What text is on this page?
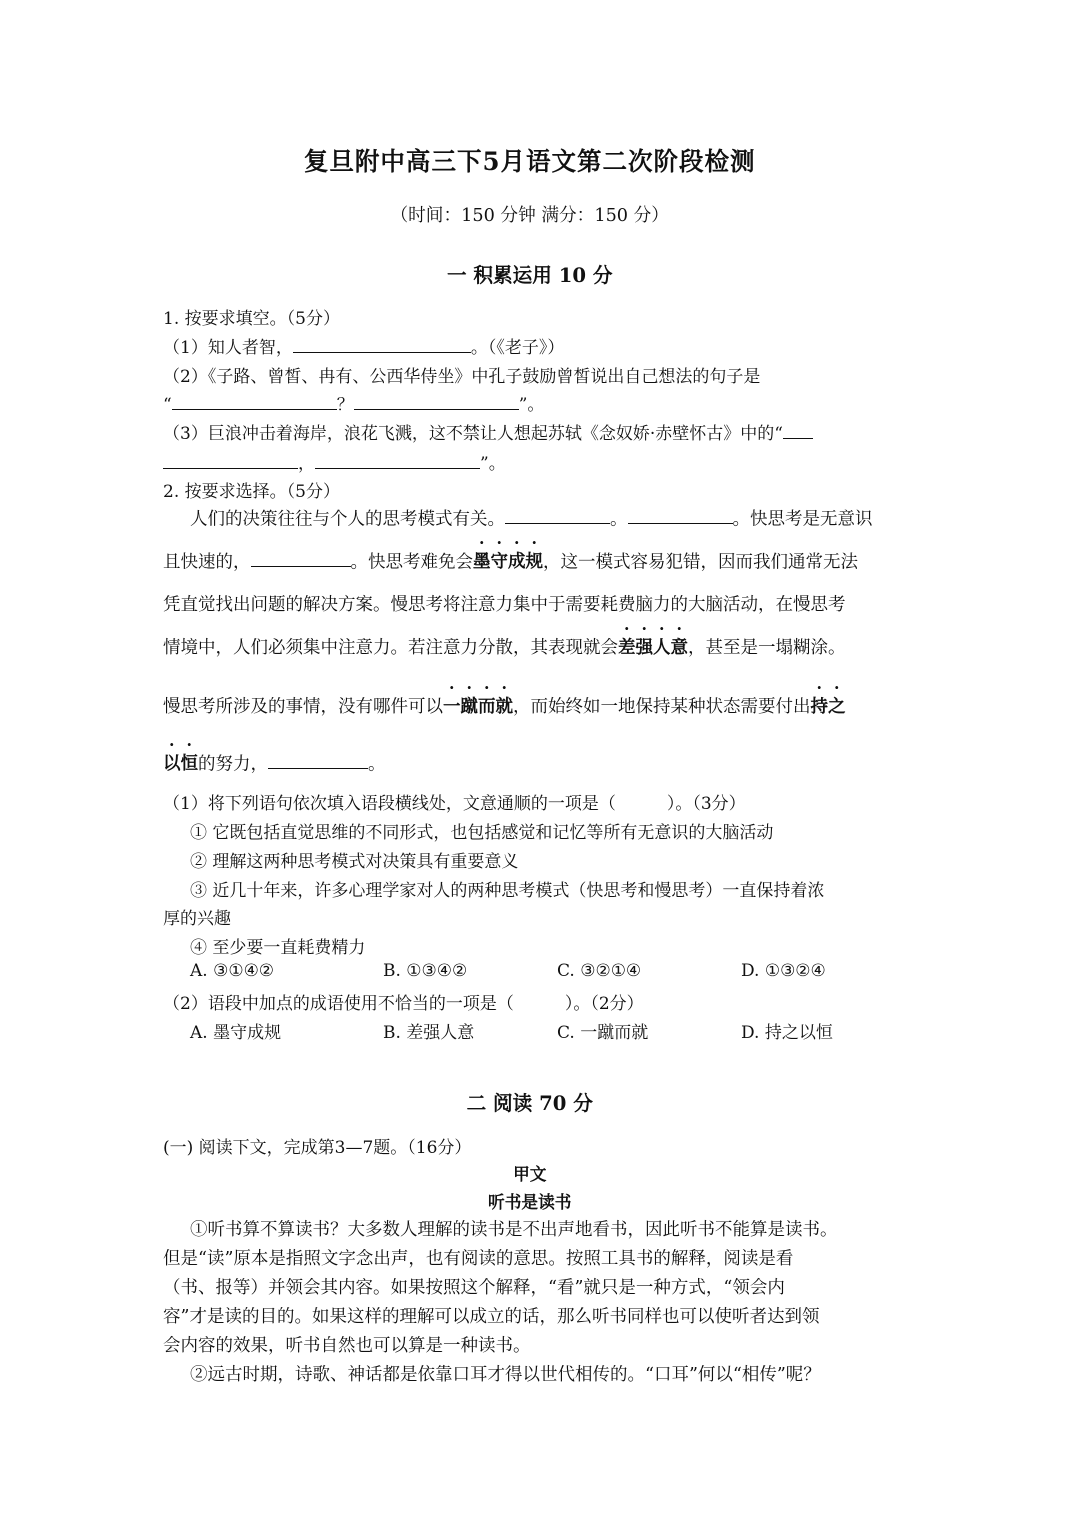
复旦附中高三下5月语文第二次阶段检测
（时间：150 分钟 满分：150 分）
一 积累运用 10 分
1. 按要求填空。（5分）
（1）知人者智，	。（《老子》）
（2）《子路、曾皙、冉有、公西华侍坐》中孔子鼓励曾皙说出自己想法的句子是
“	？	”。
（3）巨浪冲击着海岸，浪花飞溅，这不禁让人想起苏轼《念奴娇·赤壁怀古》中的“
，	”。
2. 按要求选择。（5分）
人们的决策往往与个人的思考模式有关。	。	。快思考是无意识
且快速的，	。快思考难免会墨守成规，这一模式容易犯错，因而我们通常无法
凭直觉找出问题的解决方案。慢思考将注意力集中于需要耗费脑力的大脑活动，在慢思考
情境中，人们必须集中注意力。若注意力分散，其表现就会差强人意，甚至是一塌糊涂。
慢思考所涉及的事情，没有哪件可以一蹴而就，而始终如一地保持某种状态需要付出持之
以恒的努力，	。
（1）将下列语句依次填入语段横线处，文意通顺的一项是（　　　）。（3分）
① 它既包括直觉思维的不同形式，也包括感觉和记忆等所有无意识的大脑活动
② 理解这两种思考模式对决策具有重要意义
③ 近几十年来，许多心理学家对人的两种思考模式（快思考和慢思考）一直保持着浓
厚的兴趣
④ 至少要一直耗费精力
A. ③①④②	B. ①③④②	C. ③②①④	D. ①③②④
（2）语段中加点的成语使用不恰当的一项是（　　　）。（2分）
A. 墨守成规	B. 差强人意	C. 一蹴而就	D. 持之以恒
二 阅读 70 分
(一) 阅读下文，完成第3—7题。（16分）
甲文
听书是读书
①听书算不算读书？大多数人理解的读书是不出声地看书，因此听书不能算是读书。
但是“读”原本是指照文字念出声，也有阅读的意思。按照工具书的解释，阅读是看
（书、报等）并领会其内容。如果按照这个解释，“看”就只是一种方式，“领会内
容”才是读的目的。如果这样的理解可以成立的话，那么听书同样也可以使听者达到领
会内容的效果，听书自然也可以算是一种读书。
②远古时期，诗歌、神话都是依靠口耳才得以世代相传的。“口耳”何以“相传”呢？
